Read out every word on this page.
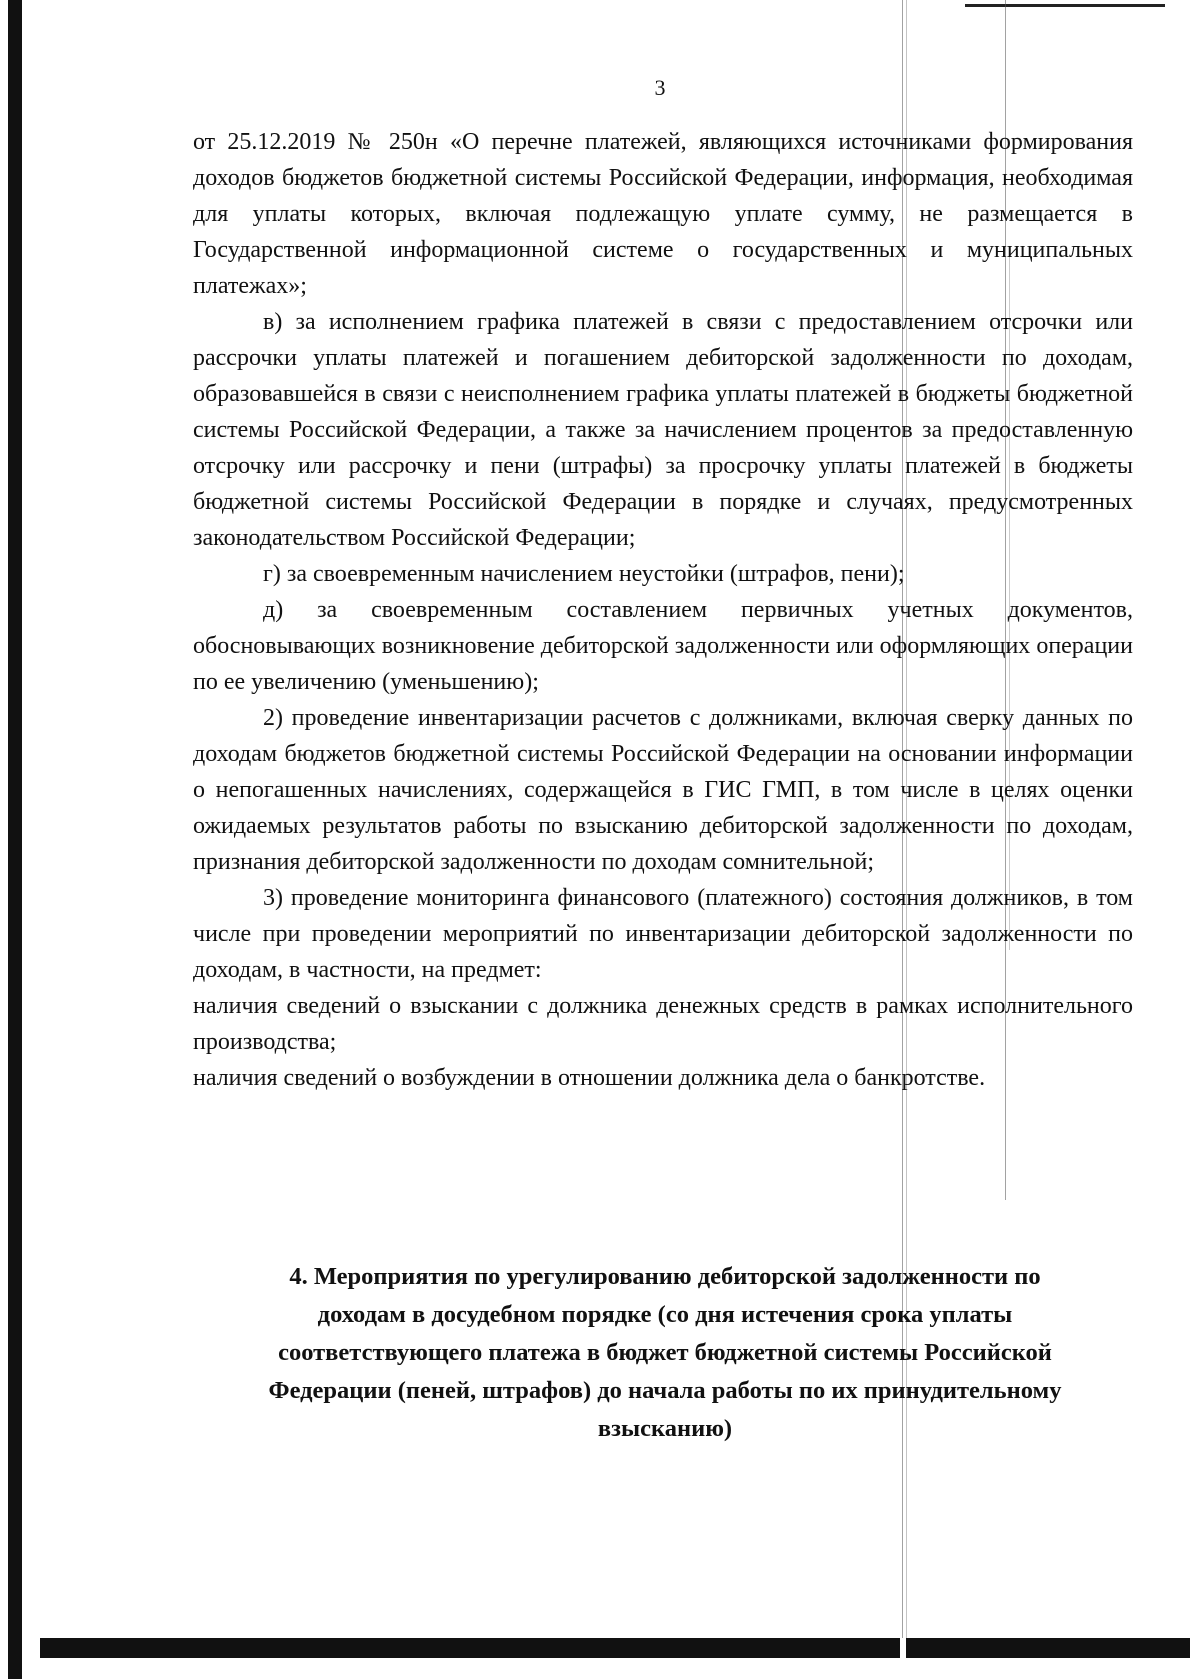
3

от 25.12.2019 № 250н «О перечне платежей, являющихся источниками формирования доходов бюджетов бюджетной системы Российской Федерации, информация, необходимая для уплаты которых, включая подлежащую уплате сумму, не размещается в Государственной информационной системе о государственных и муниципальных платежах»;

в) за исполнением графика платежей в связи с предоставлением отсрочки или рассрочки уплаты платежей и погашением дебиторской задолженности по доходам, образовавшейся в связи с неисполнением графика уплаты платежей в бюджеты бюджетной системы Российской Федерации, а также за начислением процентов за предоставленную отсрочку или рассрочку и пени (штрафы) за просрочку уплаты платежей в бюджеты бюджетной системы Российской Федерации в порядке и случаях, предусмотренных законодательством Российской Федерации;

г) за своевременным начислением неустойки (штрафов, пени);

д) за своевременным составлением первичных учетных документов, обосновывающих возникновение дебиторской задолженности или оформляющих операции по ее увеличению (уменьшению);

2) проведение инвентаризации расчетов с должниками, включая сверку данных по доходам бюджетов бюджетной системы Российской Федерации на основании информации о непогашенных начислениях, содержащейся в ГИС ГМП, в том числе в целях оценки ожидаемых результатов работы по взысканию дебиторской задолженности по доходам, признания дебиторской задолженности по доходам сомнительной;

3) проведение мониторинга финансового (платежного) состояния должников, в том числе при проведении мероприятий по инвентаризации дебиторской задолженности по доходам, в частности, на предмет:

наличия сведений о взыскании с должника денежных средств в рамках исполнительного производства;

наличия сведений о возбуждении в отношении должника дела о банкротстве.

4. Мероприятия по урегулированию дебиторской задолженности по
доходам в досудебном порядке (со дня истечения срока уплаты
соответствующего платежа в бюджет бюджетной системы Российской
Федерации (пеней, штрафов) до начала работы по их принудительному
взысканию)
